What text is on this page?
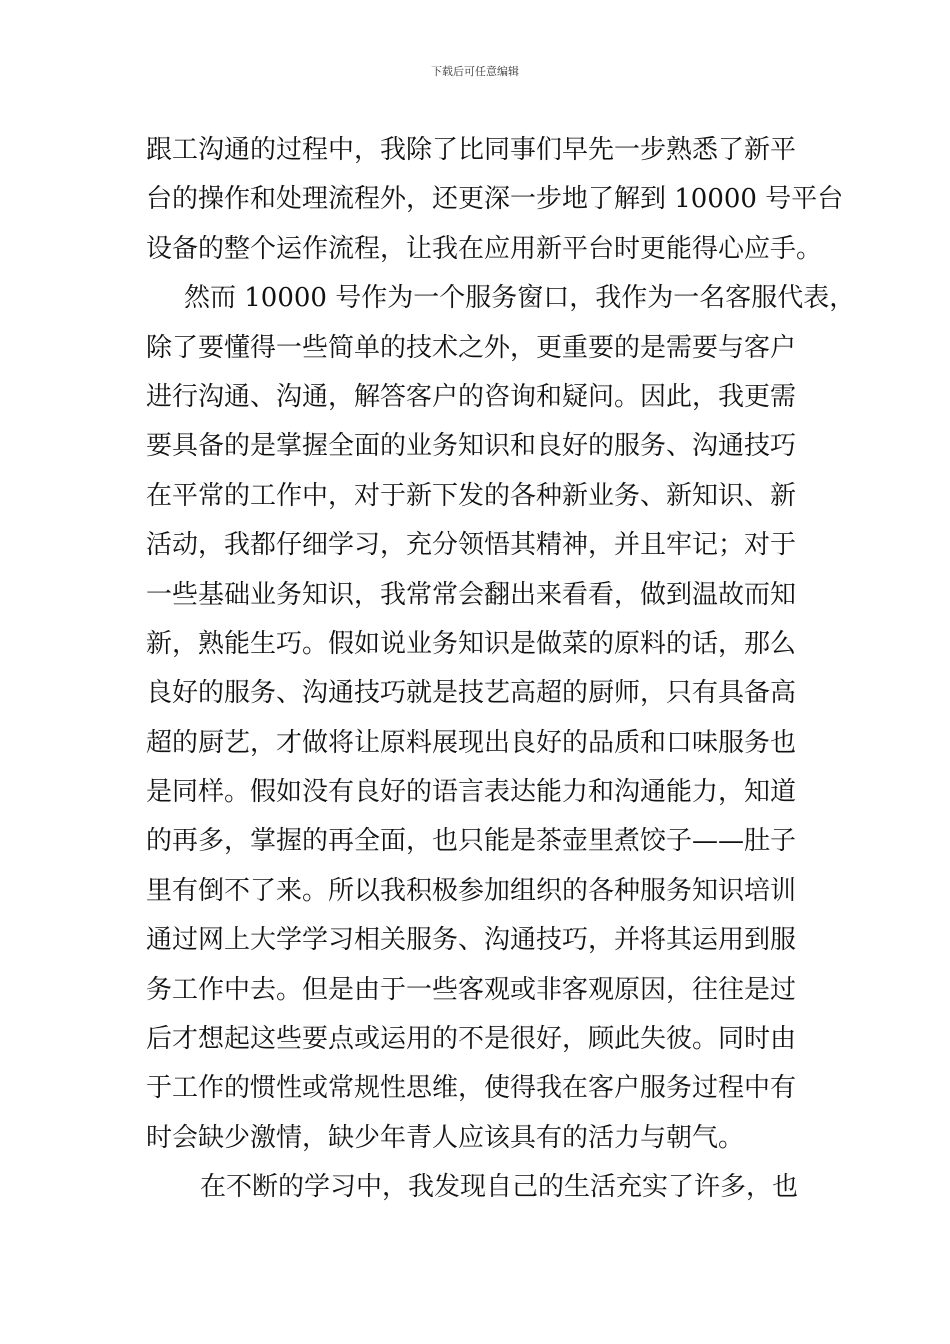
下载后可任意编辑
跟工沟通的过程中，我除了比同事们早先一步熟悉了新平
台的操作和处理流程外，还更深一步地了解到 10000 号平台
设备的整个运作流程，让我在应用新平台时更能得心应手。
然而 10000 号作为一个服务窗口，我作为一名客服代表，
除了要懂得一些简单的技术之外，更重要的是需要与客户
进行沟通、沟通，解答客户的咨询和疑问。因此，我更需
要具备的是掌握全面的业务知识和良好的服务、沟通技巧
在平常的工作中，对于新下发的各种新业务、新知识、新
活动，我都仔细学习，充分领悟其精神，并且牢记；对于
一些基础业务知识，我常常会翻出来看看，做到温故而知
新，熟能生巧。假如说业务知识是做菜的原料的话，那么
良好的服务、沟通技巧就是技艺高超的厨师，只有具备高
超的厨艺，才做将让原料展现出良好的品质和口味服务也
是同样。假如没有良好的语言表达能力和沟通能力，知道
的再多，掌握的再全面，也只能是茶壶里煮饺子——肚子
里有倒不了来。所以我积极参加组织的各种服务知识培训
通过网上大学学习相关服务、沟通技巧，并将其运用到服
务工作中去。但是由于一些客观或非客观原因，往往是过
后才想起这些要点或运用的不是很好，顾此失彼。同时由
于工作的惯性或常规性思维，使得我在客户服务过程中有
时会缺少激情，缺少年青人应该具有的活力与朝气。
在不断的学习中，我发现自己的生活充实了许多，也
